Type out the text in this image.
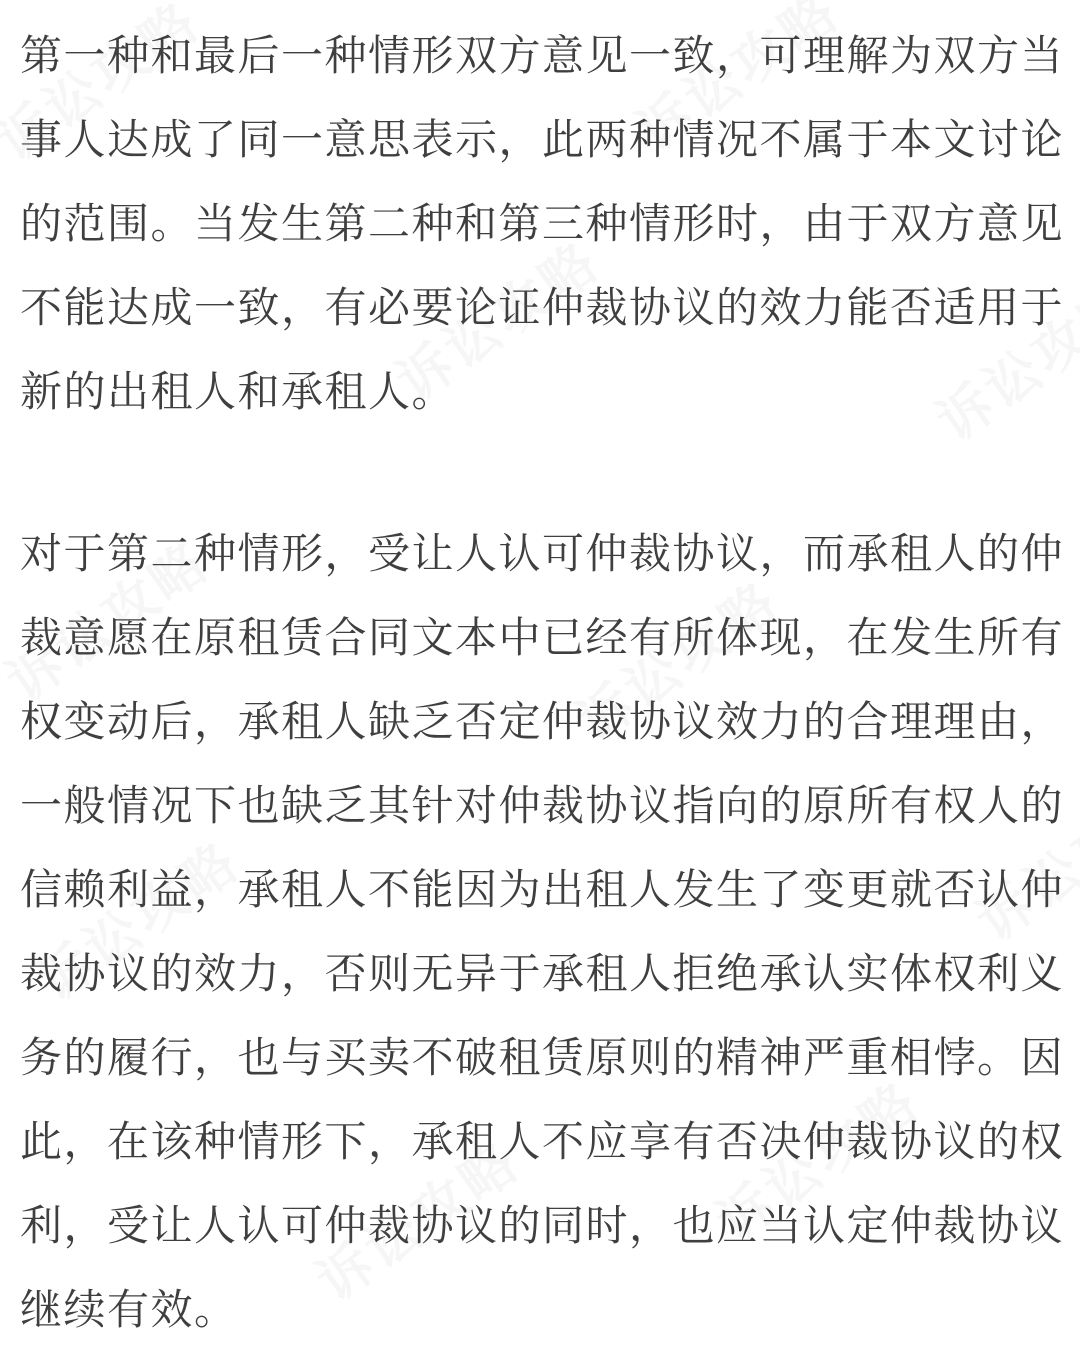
第一种和最后一种情形双方意见一致，可理解为双方当事人达成了同一意思表示，此两种情况不属于本文讨论的范围。当发生第二种和第三种情形时，由于双方意见不能达成一致，有必要论证仲裁协议的效力能否适用于新的出租人和承租人。

对于第二种情形，受让人认可仲裁协议，而承租人的仲裁意愿在原租赁合同文本中已经有所体现，在发生所有权变动后，承租人缺乏否定仲裁协议效力的合理理由，一般情况下也缺乏其针对仲裁协议指向的原所有权人的信赖利益，承租人不能因为出租人发生了变更就否认仲裁协议的效力，否则无异于承租人拒绝承认实体权利义务的履行，也与买卖不破租赁原则的精神严重相悖。因此，在该种情形下，承租人不应享有否决仲裁协议的权利，受让人认可仲裁协议的同时，也应当认定仲裁协议继续有效。
